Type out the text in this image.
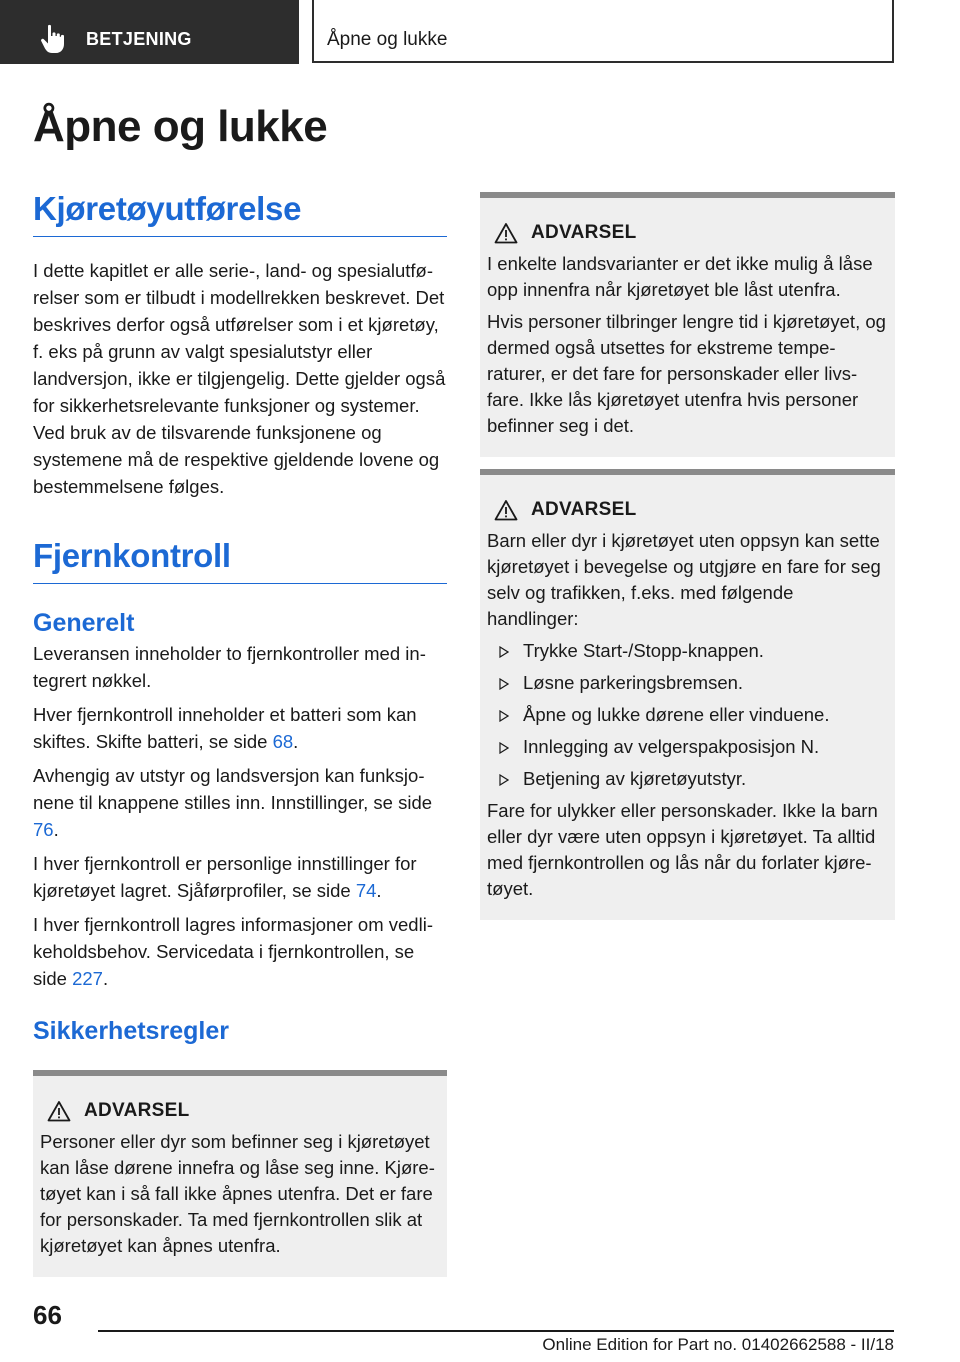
BETJENING	Åpne og lukke
Åpne og lukke
Kjøretøyutførelse

I dette kapitlet er alle serie-, land- og spesialutførelser som er tilbudt i modellrekken beskrevet. Det beskrives derfor også utførelser som i et kjøretøy, f. eks på grunn av valgt spesialutstyr eller landversjon, ikke er tilgjengelig. Dette gjelder også for sikkerhetsrelevante funksjoner og systemer. Ved bruk av de tilsvarende funksjonene og systemene må de respektive gjeldende lovene og bestemmelsene følges.

Fjernkontroll
Generelt

Leveransen inneholder to fjernkontroller med integrert nøkkel.

Hver fjernkontroll inneholder et batteri som kan skiftes. Skifte batteri, se side 68.

Avhengig av utstyr og landsversjon kan funksjonene til knappene stilles inn. Innstillinger, se side 76.

I hver fjernkontroll er personlige innstillinger for kjøretøyet lagret. Sjåførprofiler, se side 74.

I hver fjernkontroll lagres informasjoner om vedlikeholdsbehov. Servicedata i fjernkontrollen, se side 227.

Sikkerhetsregler
ADVARSEL

Personer eller dyr som befinner seg i kjøretøyet kan låse dørene innefra og låse seg inne. Kjøretøyet kan i så fall ikke åpnes utenfra. Det er fare for personskader. Ta med fjernkontrollen slik at kjøretøyet kan åpnes utenfra.

ADVARSEL

I enkelte landsvarianter er det ikke mulig å låse opp innenfra når kjøretøyet ble låst utenfra.

Hvis personer tilbringer lengre tid i kjøretøyet, og dermed også utsettes for ekstreme temperaturer, er det fare for personskader eller livsfare. Ikke lås kjøretøyet utenfra hvis personer befinner seg i det.

ADVARSEL

Barn eller dyr i kjøretøyet uten oppsyn kan sette kjøretøyet i bevegelse og utgjøre en fare for seg selv og trafikken, f.eks. med følgende handlinger:

Trykke Start-/Stopp-knappen.
Løsne parkeringsbremsen.
Åpne og lukke dørene eller vinduene.
Innlegging av velgerspakposisjon N.
Betjening av kjøretøyutstyr.

Fare for ulykker eller personskader. Ikke la barn eller dyr være uten oppsyn i kjøretøyet. Ta alltid med fjernkontrollen og lås når du forlater kjøretøyet.

66
Online Edition for Part no. 01402662588 - II/18
